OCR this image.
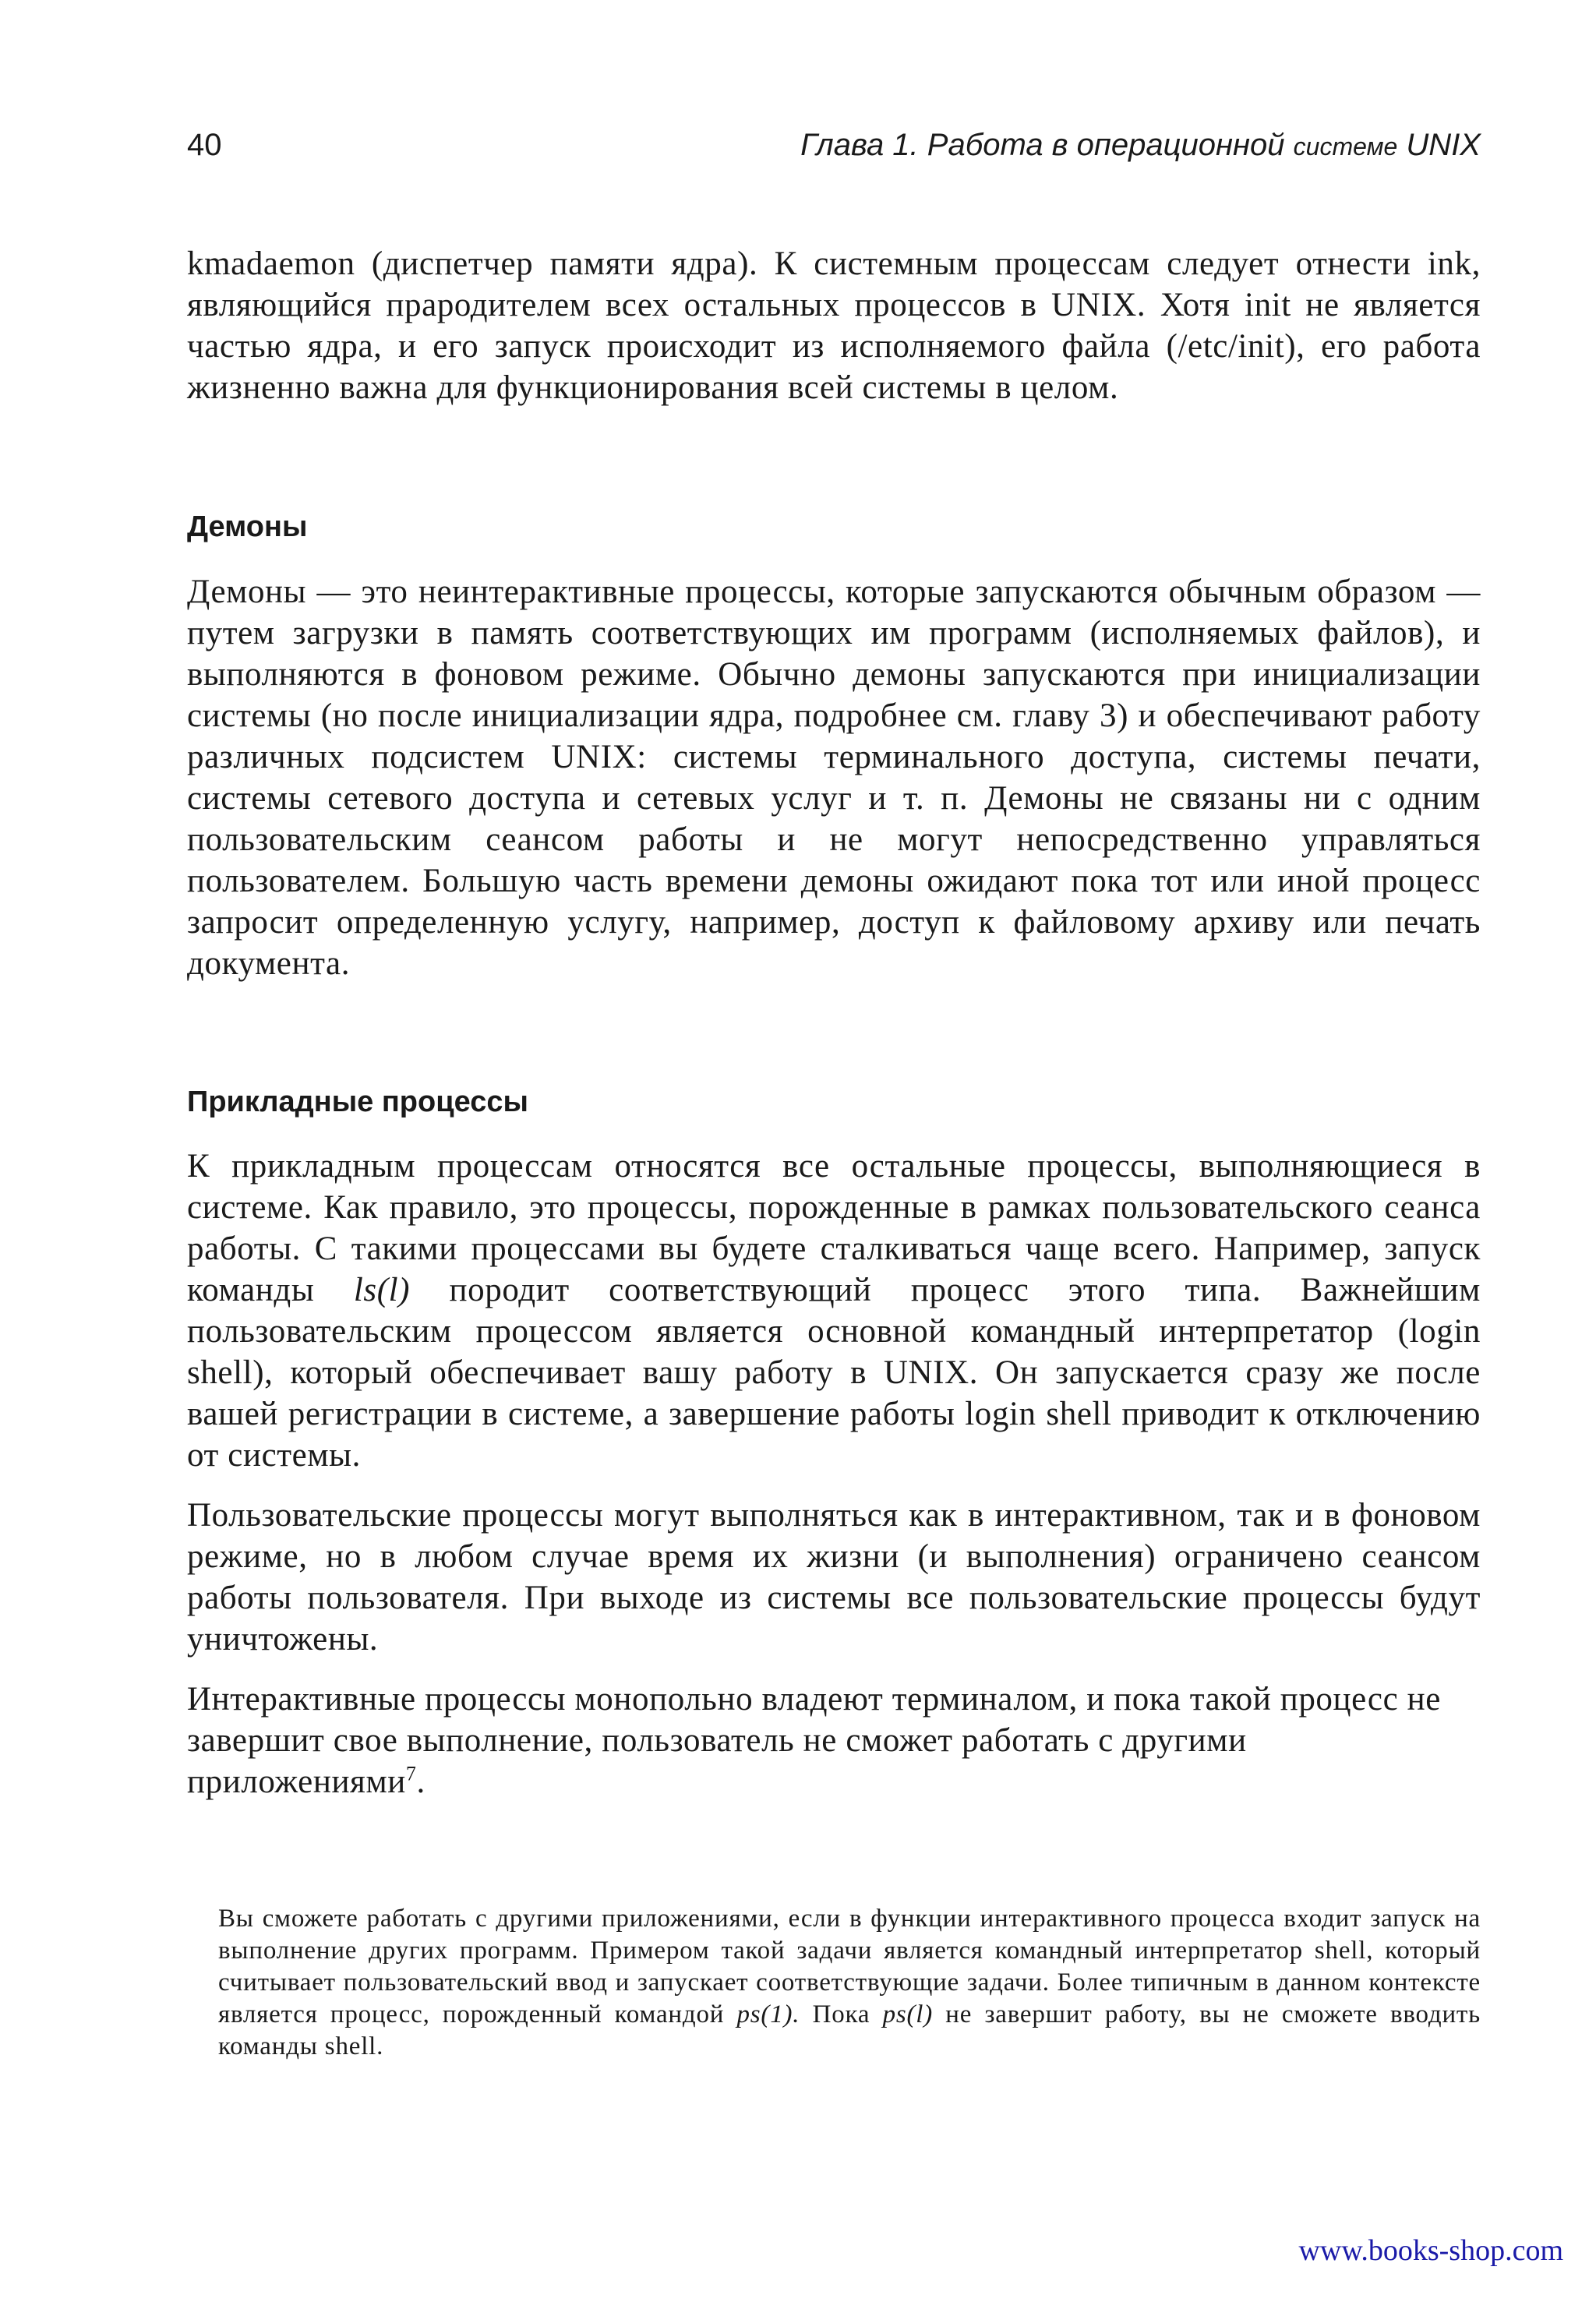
40	Глава 1. Работа в операционной системе UNIX

kmadaemon (диспетчер памяти ядра). К системным процессам следует отнести ink, являющийся прародителем всех остальных процессов в UNIX. Хотя init не является частью ядра, и его запуск происходит из исполняемого файла (/etc/init), его работа жизненно важна для функционирования всей системы в целом.

Демоны

Демоны — это неинтерактивные процессы, которые запускаются обычным образом — путем загрузки в память соответствующих им программ (исполняемых файлов), и выполняются в фоновом режиме. Обычно демоны запускаются при инициализации системы (но после инициализации ядра, подробнее см. главу 3) и обеспечивают работу различных подсистем UNIX: системы терминального доступа, системы печати, системы сетевого доступа и сетевых услуг и т. п. Демоны не связаны ни с одним пользовательским сеансом работы и не могут непосредственно управляться пользователем. Большую часть времени демоны ожидают пока тот или иной процесс запросит определенную услугу, например, доступ к файловому архиву или печать документа.

Прикладные процессы

К прикладным процессам относятся все остальные процессы, выполняющиеся в системе. Как правило, это процессы, порожденные в рамках пользовательского сеанса работы. С такими процессами вы будете сталкиваться чаще всего. Например, запуск команды ls(l) породит соответствующий процесс этого типа. Важнейшим пользовательским процессом является основной командный интерпретатор (login shell), который обеспечивает вашу работу в UNIX. Он запускается сразу же после вашей регистрации в системе, а завершение работы login shell приводит к отключению от системы.

Пользовательские процессы могут выполняться как в интерактивном, так и в фоновом режиме, но в любом случае время их жизни (и выполнения) ограничено сеансом работы пользователя. При выходе из системы все пользовательские процессы будут уничтожены.

Интерактивные процессы монопольно владеют терминалом, и пока такой процесс не завершит свое выполнение, пользователь не сможет работать с другими приложениями$^7$.

Вы сможете работать с другими приложениями, если в функции интерактивного процесса входит запуск на выполнение других программ. Примером такой задачи является командный интерпретатор shell, который считывает пользовательский ввод и запускает соответствующие задачи. Более типичным в данном контексте является процесс, порожденный командой ps(1). Пока ps(l) не завершит работу, вы не сможете вводить команды shell.

www.books-shop.com
